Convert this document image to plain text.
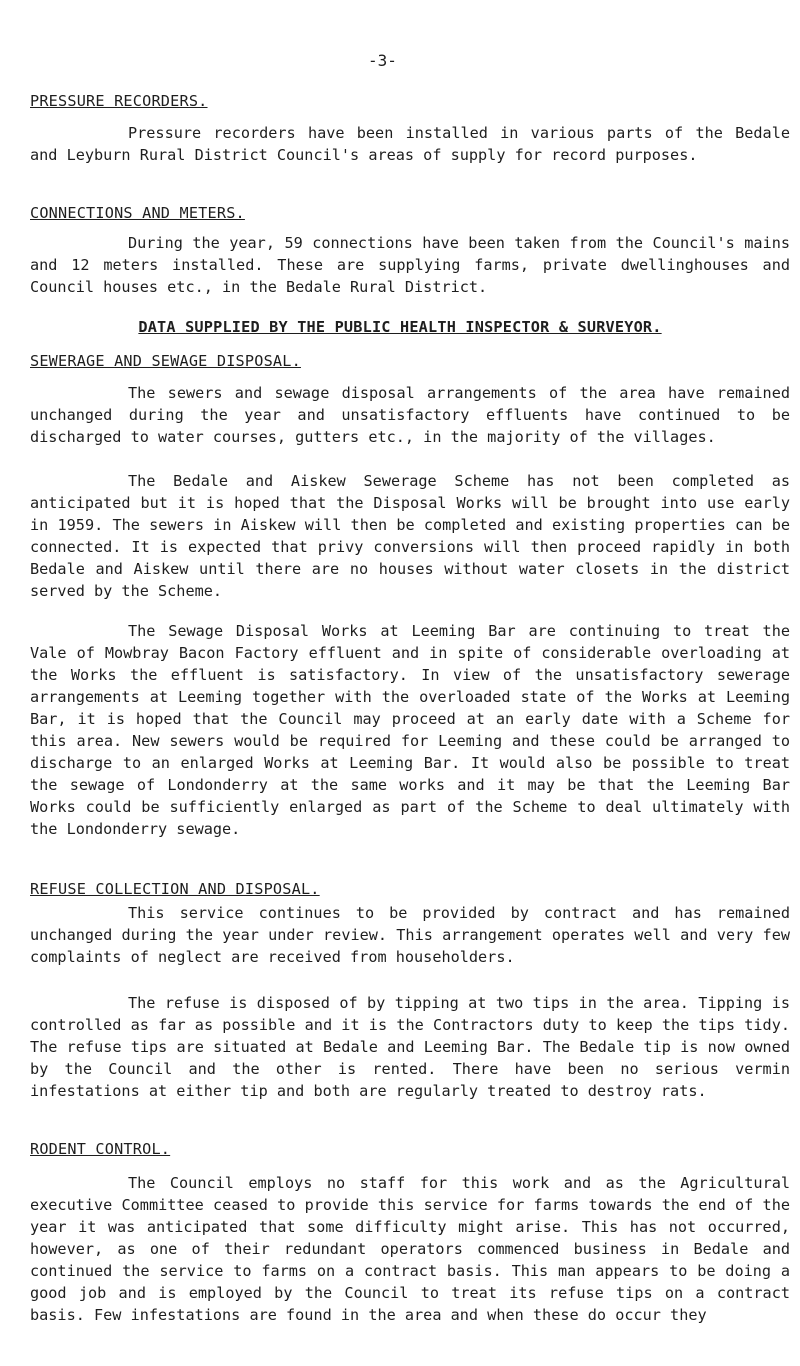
-3-
PRESSURE RECORDERS.

Pressure recorders have been installed in various parts of the Bedale and Leyburn Rural District Council's areas of supply for record purposes.

CONNECTIONS AND METERS.

During the year, 59 connections have been taken from the Council's mains and 12 meters installed. These are supplying farms, private dwellinghouses and Council houses etc., in the Bedale Rural District.

DATA SUPPLIED BY THE PUBLIC HEALTH INSPECTOR & SURVEYOR.
SEWERAGE AND SEWAGE DISPOSAL.

The sewers and sewage disposal arrangements of the area have remained unchanged during the year and unsatisfactory effluents have continued to be discharged to water courses, gutters etc., in the majority of the villages.

The Bedale and Aiskew Sewerage Scheme has not been completed as anticipated but it is hoped that the Disposal Works will be brought into use early in 1959. The sewers in Aiskew will then be completed and existing properties can be connected. It is expected that privy conversions will then proceed rapidly in both Bedale and Aiskew until there are no houses without water closets in the district served by the Scheme.

The Sewage Disposal Works at Leeming Bar are continuing to treat the Vale of Mowbray Bacon Factory effluent and in spite of considerable overloading at the Works the effluent is satisfactory. In view of the unsatisfactory sewerage arrangements at Leeming together with the overloaded state of the Works at Leeming Bar, it is hoped that the Council may proceed at an early date with a Scheme for this area. New sewers would be required for Leeming and these could be arranged to discharge to an enlarged Works at Leeming Bar. It would also be possible to treat the sewage of Londonderry at the same works and it may be that the Leeming Bar Works could be sufficiently enlarged as part of the Scheme to deal ultimately with the Londonderry sewage.

REFUSE COLLECTION AND DISPOSAL.

This service continues to be provided by contract and has remained unchanged during the year under review. This arrangement operates well and very few complaints of neglect are received from householders.

The refuse is disposed of by tipping at two tips in the area. Tipping is controlled as far as possible and it is the Contractors duty to keep the tips tidy. The refuse tips are situated at Bedale and Leeming Bar. The Bedale tip is now owned by the Council and the other is rented. There have been no serious vermin infestations at either tip and both are regularly treated to destroy rats.

RODENT CONTROL.

The Council employs no staff for this work and as the Agricultural executive Committee ceased to provide this service for farms towards the end of the year it was anticipated that some difficulty might arise. This has not occurred, however, as one of their redundant operators commenced business in Bedale and continued the service to farms on a contract basis. This man appears to be doing a good job and is employed by the Council to treat its refuse tips on a contract basis. Few infestations are found in the area and when these do occur they
